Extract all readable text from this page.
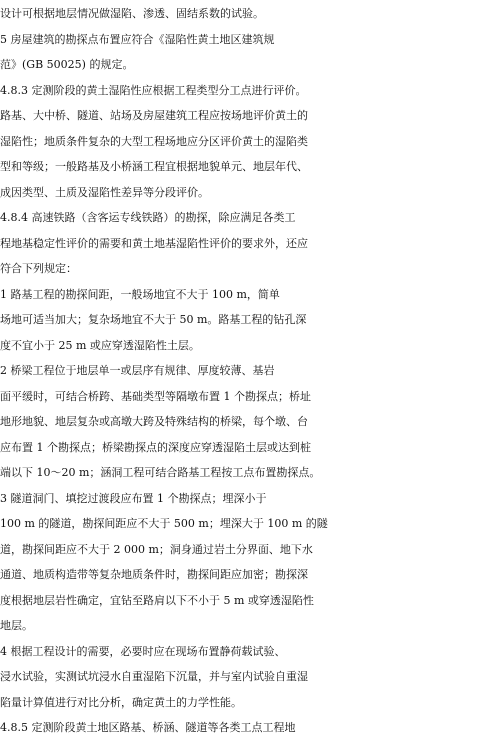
设计可根据地层情况做湿陷、渗透、固结系数的试验。
5 房屋建筑的勘探点布置应符合《湿陷性黄土地区建筑规
范》(GB 50025) 的规定。
4.8.3 定测阶段的黄土湿陷性应根据工程类型分工点进行评价。
路基、大中桥、隧道、站场及房屋建筑工程应按场地评价黄土的
湿陷性；地质条件复杂的大型工程场地应分区评价黄土的湿陷类
型和等级；一般路基及小桥涵工程宜根据地貌单元、地层年代、
成因类型、土质及湿陷性差异等分段评价。
4.8.4 高速铁路（含客运专线铁路）的勘探，除应满足各类工
程地基稳定性评价的需要和黄土地基湿陷性评价的要求外，还应
符合下列规定：
1 路基工程的勘探间距，一般场地宜不大于 100 m，简单
场地可适当加大；复杂场地宜不大于 50 m。路基工程的钻孔深
度不宜小于 25 m 或应穿透湿陷性土层。
2 桥梁工程位于地层单一或层序有规律、厚度较薄、基岩
面平缓时，可结合桥跨、基础类型等隔墩布置 1 个勘探点；桥址
地形地貌、地层复杂或高墩大跨及特殊结构的桥梁，每个墩、台
应布置 1 个勘探点；桥梁勘探点的深度应穿透湿陷土层或达到桩
端以下 10～20 m；涵洞工程可结合路基工程按工点布置勘探点。
3 隧道洞门、填挖过渡段应布置 1 个勘探点；埋深小于
100 m 的隧道，勘探间距应不大于 500 m；埋深大于 100 m 的隧
道，勘探间距应不大于 2 000 m；洞身通过岩土分界面、地下水
通道、地质构造带等复杂地质条件时，勘探间距应加密；勘探深
度根据地层岩性确定，宜钻至路肩以下不小于 5 m 或穿透湿陷性
地层。
4 根据工程设计的需要，必要时应在现场布置静荷载试验、
浸水试验，实测试坑浸水自重湿陷下沉量，并与室内试验自重湿
陷量计算值进行对比分析，确定黄土的力学性能。
4.8.5 定测阶段黄土地区路基、桥涵、隧道等各类工点工程地
